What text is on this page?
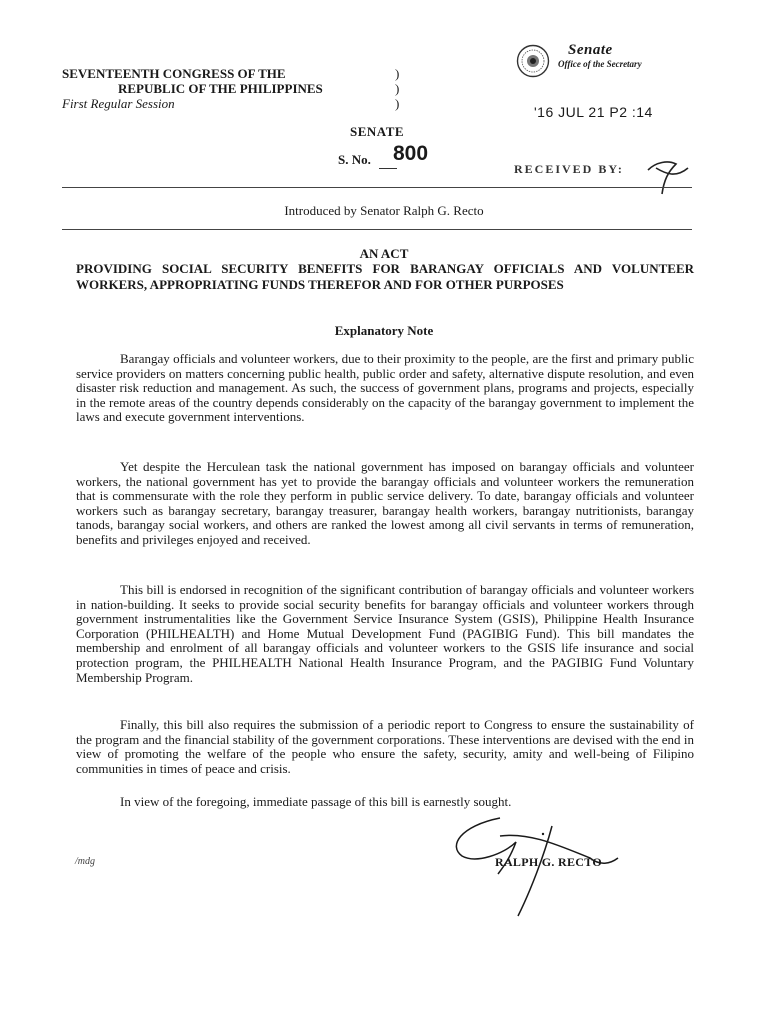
SEVENTEENTH CONGRESS OF THE
REPUBLIC OF THE PHILIPPINES
First Regular Session
)
)
)
Senate
Office of the Secretary
'16 JUL 21 P2 :14
SENATE
S. No. 800
RECEIVED BY:
Introduced by Senator Ralph G. Recto
AN ACT
PROVIDING SOCIAL SECURITY BENEFITS FOR BARANGAY OFFICIALS AND VOLUNTEER WORKERS, APPROPRIATING FUNDS THEREFOR AND FOR OTHER PURPOSES
Explanatory Note
Barangay officials and volunteer workers, due to their proximity to the people, are the first and primary public service providers on matters concerning public health, public order and safety, alternative dispute resolution, and even disaster risk reduction and management. As such, the success of government plans, programs and projects, especially in the remote areas of the country depends considerably on the capacity of the barangay government to implement the laws and execute government interventions.
Yet despite the Herculean task the national government has imposed on barangay officials and volunteer workers, the national government has yet to provide the barangay officials and volunteer workers the remuneration that is commensurate with the role they perform in public service delivery. To date, barangay officials and volunteer workers such as barangay secretary, barangay treasurer, barangay health workers, barangay nutritionists, barangay tanods, barangay social workers, and others are ranked the lowest among all civil servants in terms of remuneration, benefits and privileges enjoyed and received.
This bill is endorsed in recognition of the significant contribution of barangay officials and volunteer workers in nation-building. It seeks to provide social security benefits for barangay officials and volunteer workers through government instrumentalities like the Government Service Insurance System (GSIS), Philippine Health Insurance Corporation (PHILHEALTH) and Home Mutual Development Fund (PAGIBIG Fund). This bill mandates the membership and enrolment of all barangay officials and volunteer workers to the GSIS life insurance and social protection program, the PHILHEALTH National Health Insurance Program, and the PAGIBIG Fund Voluntary Membership Program.
Finally, this bill also requires the submission of a periodic report to Congress to ensure the sustainability of the program and the financial stability of the government corporations. These interventions are devised with the end in view of promoting the welfare of the people who ensure the safety, security, amity and well-being of Filipino communities in times of peace and crisis.
In view of the foregoing, immediate passage of this bill is earnestly sought.
/mdg	RALPH G. RECTO
